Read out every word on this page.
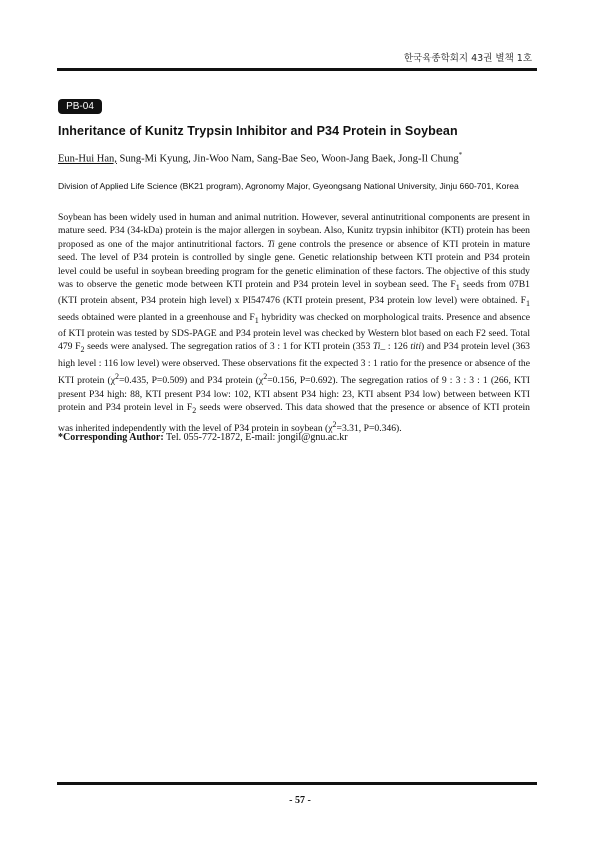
한국육종학회지 43권 별책 1호
PB-04
Inheritance of Kunitz Trypsin Inhibitor and P34 Protein in Soybean
Eun-Hui Han, Sung-Mi Kyung, Jin-Woo Nam, Sang-Bae Seo, Woon-Jang Baek, Jong-Il Chung*
Division of Applied Life Science (BK21 program), Agronomy Major, Gyeongsang National University, Jinju 660-701, Korea

Soybean has been widely used in human and animal nutrition. However, several antinutritional components are present in mature seed. P34 (34-kDa) protein is the major allergen in soybean. Also, Kunitz trypsin inhibitor (KTI) protein has been proposed as one of the major antinutritional factors. Ti gene controls the presence or absence of KTI protein in mature seed. The level of P34 protein is controlled by single gene. Genetic relationship between KTI protein and P34 protein level could be useful in soybean breeding program for the genetic elimination of these factors. The objective of this study was to observe the genetic mode between KTI protein and P34 protein level in soybean seed. The $F_1$ seeds from 07B1 (KTI protein absent, P34 protein high level) x PI547476 (KTI protein present, P34 protein low level) were obtained. $F_1$ seeds obtained were planted in a greenhouse and $F_1$ hybridity was checked on morphological traits. Presence and absence of KTI protein was tested by SDS-PAGE and P34 protein level was checked by Western blot based on each F2 seed. Total 479 $F_2$ seeds were analysed. The segregation ratios of 3 : 1 for KTI protein (353 Ti_ : 126 titi) and P34 protein level (363 high level : 116 low level) were observed. These observations fit the expected 3 : 1 ratio for the presence or absence of the KTI protein ($\chi^2=0.435$, P=0.509) and P34 protein ($\chi^2=0.156$, P=0.692). The segregation ratios of 9 : 3 : 3 : 1 (266, KTI present P34 high: 88, KTI present P34 low: 102, KTI absent P34 high: 23, KTI absent P34 low) between between KTI protein and P34 protein level in $F_2$ seeds were observed. This data showed that the presence or absence of KTI protein was inherited independently with the level of P34 protein in soybean ($\chi^2=3.31$, P=0.346).

*Corresponding Author: Tel. 055-772-1872, E-mail: jongil@gnu.ac.kr
- 57 -
